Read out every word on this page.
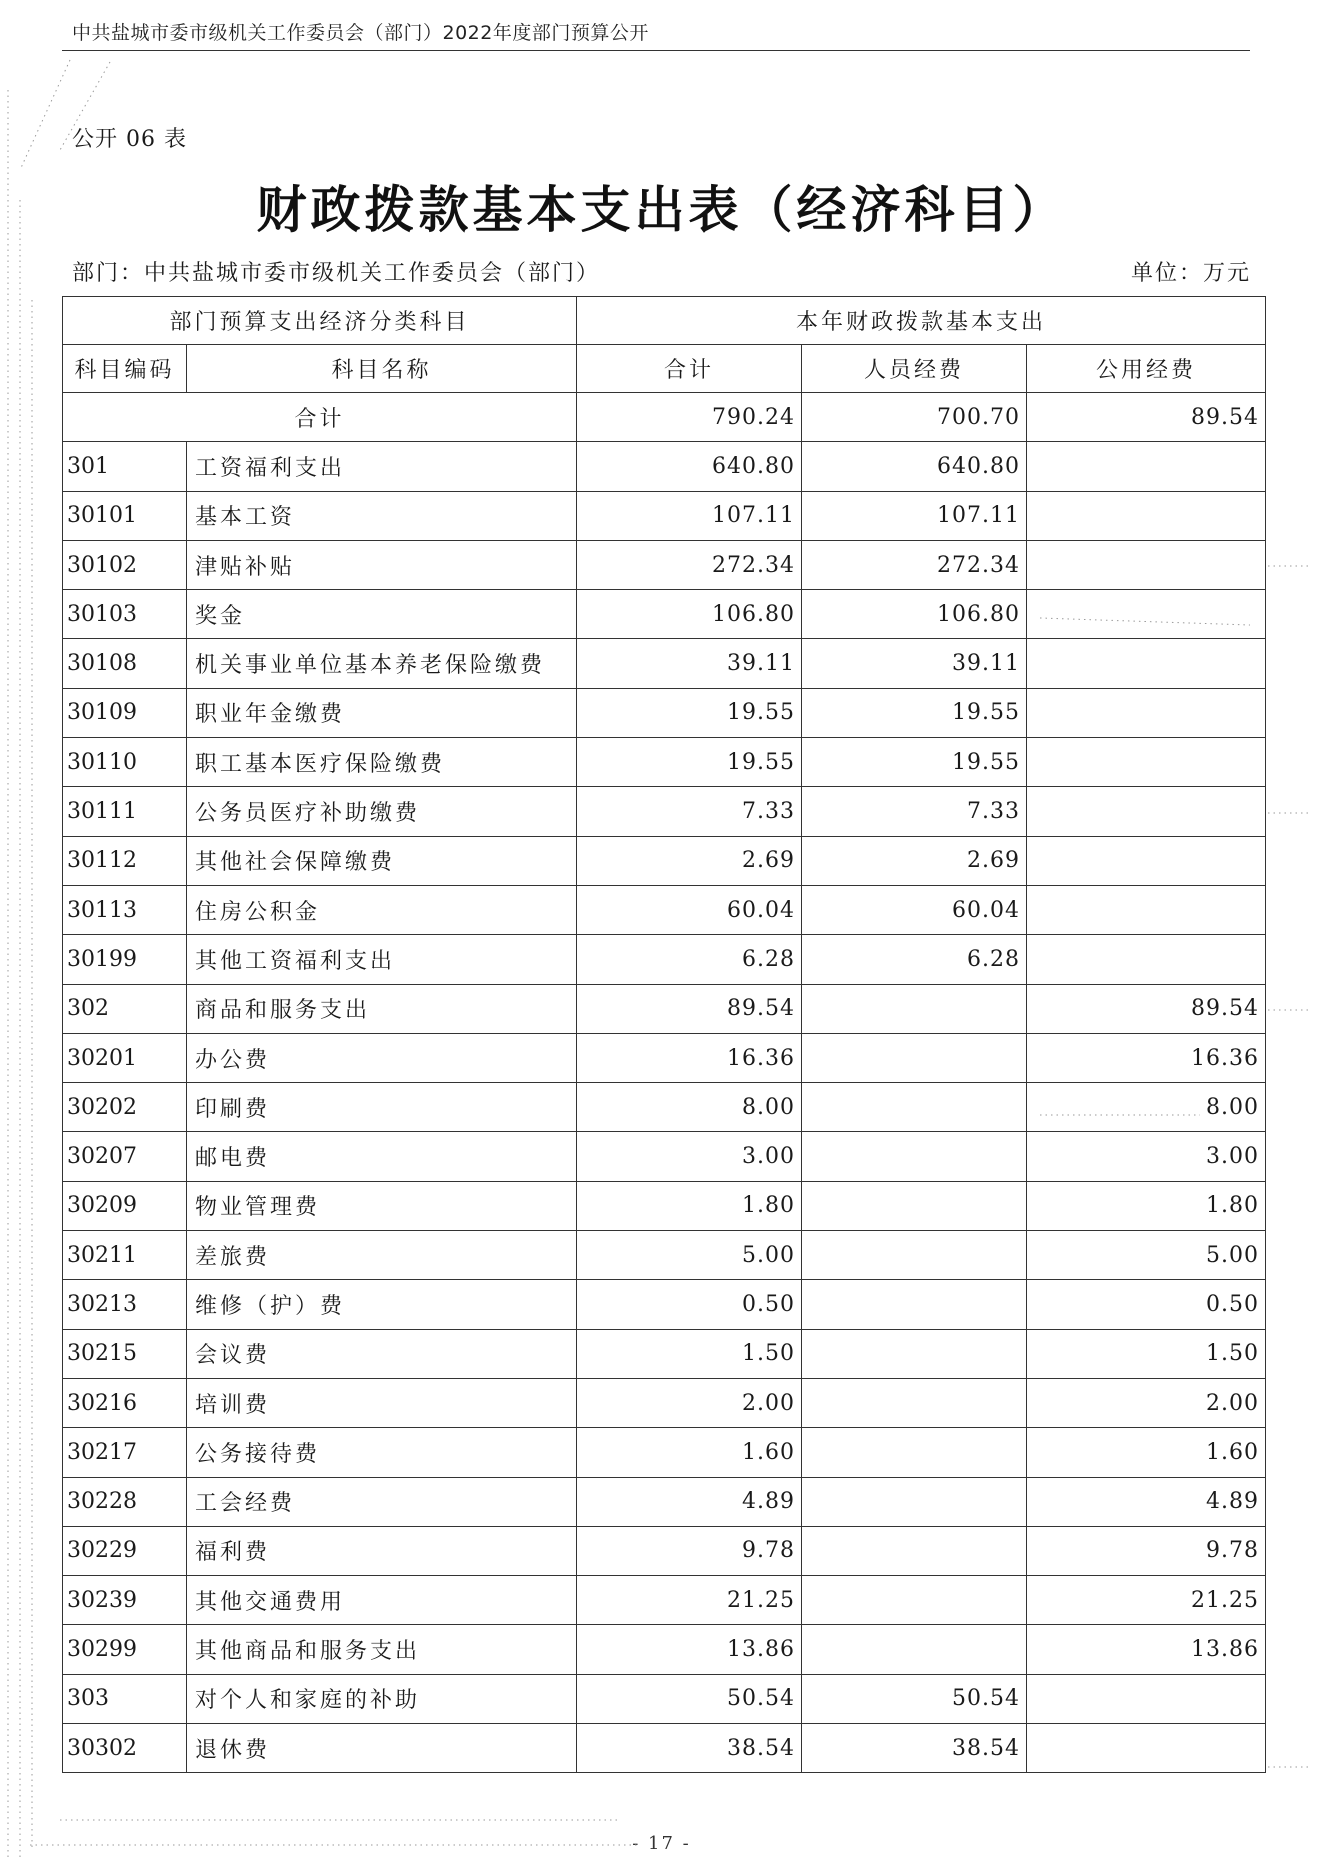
中共盐城市委市级机关工作委员会（部门）2022年度部门预算公开
公开 06 表
财政拨款基本支出表（经济科目）
部门：中共盐城市委市级机关工作委员会（部门）	单位：万元
部门预算支出经济分类科目		本年财政拨款基本支出		
科目编码	科目名称	合计	人员经费	公用经费
合计		790.24	700.70	89.54
301	工资福利支出	640.80	640.80	
30101	基本工资	107.11	107.11	
30102	津贴补贴	272.34	272.34	
30103	奖金	106.80	106.80	
30108	机关事业单位基本养老保险缴费	39.11	39.11	
30109	职业年金缴费	19.55	19.55	
30110	职工基本医疗保险缴费	19.55	19.55	
30111	公务员医疗补助缴费	7.33	7.33	
30112	其他社会保障缴费	2.69	2.69	
30113	住房公积金	60.04	60.04	
30199	其他工资福利支出	6.28	6.28	
302	商品和服务支出	89.54		89.54
30201	办公费	16.36		16.36
30202	印刷费	8.00		8.00
30207	邮电费	3.00		3.00
30209	物业管理费	1.80		1.80
30211	差旅费	5.00		5.00
30213	维修（护）费	0.50		0.50
30215	会议费	1.50		1.50
30216	培训费	2.00		2.00
30217	公务接待费	1.60		1.60
30228	工会经费	4.89		4.89
30229	福利费	9.78		9.78
30239	其他交通费用	21.25		21.25
30299	其他商品和服务支出	13.86		13.86
303	对个人和家庭的补助	50.54	50.54	
30302	退休费	38.54	38.54	
- 17 -
